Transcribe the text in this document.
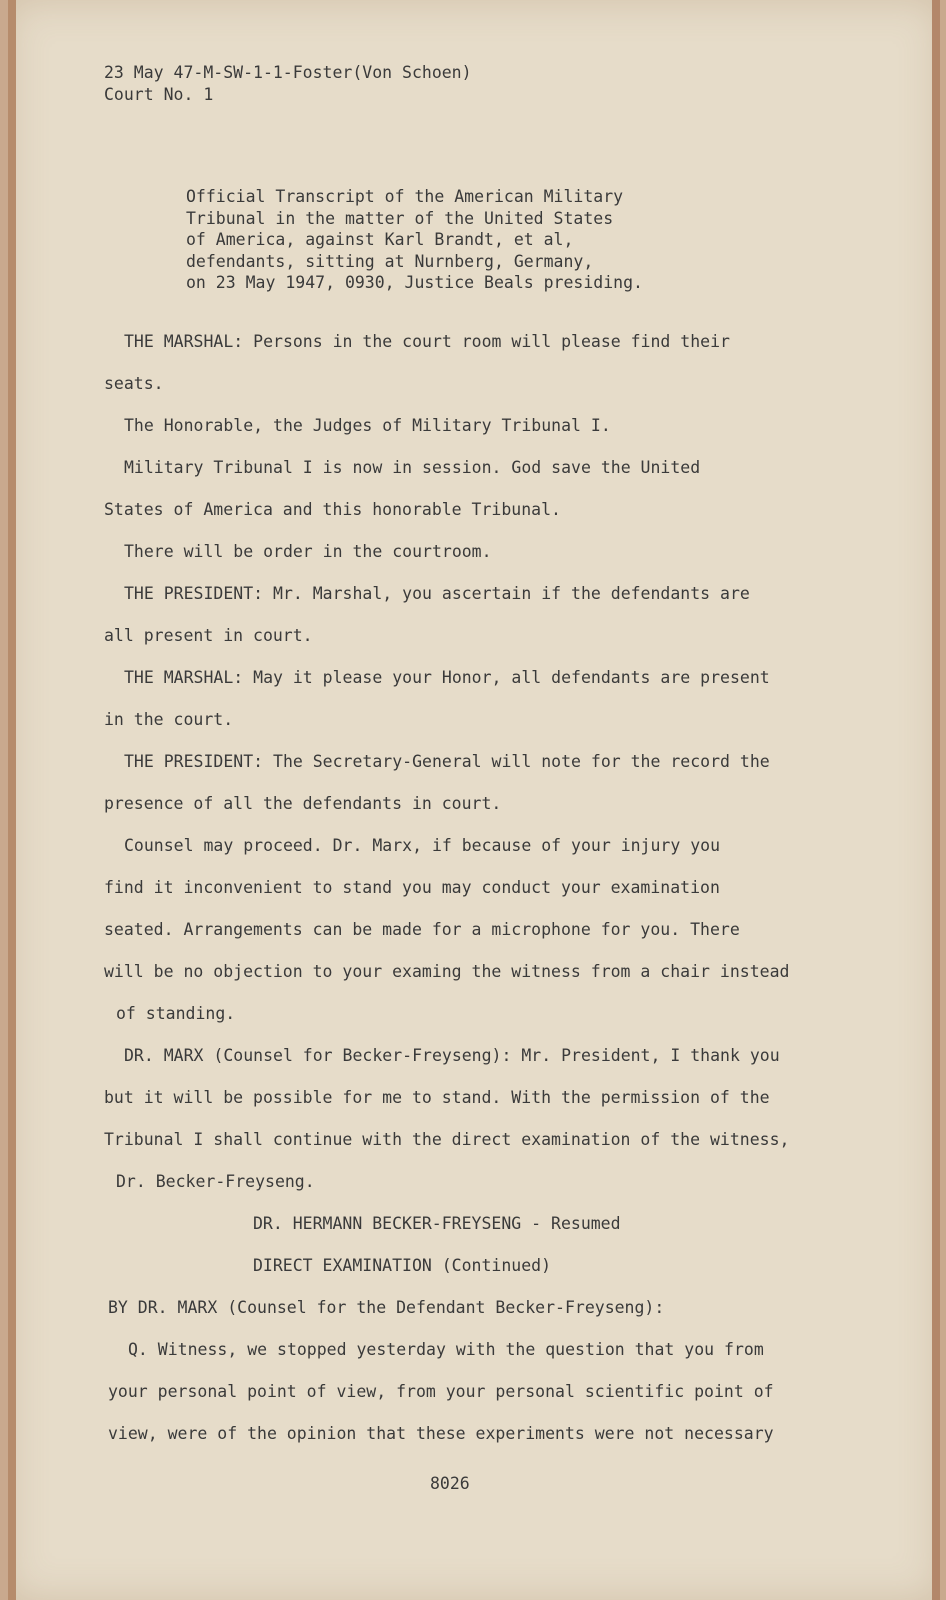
23 May 47-M-SW-1-1-Foster(Von Schoen)
Court No. 1
Official Transcript of the American Military
Tribunal in the matter of the United States
of America, against Karl Brandt, et al,
defendants, sitting at Nurnberg, Germany,
on 23 May 1947, 0930, Justice Beals presiding.
THE MARSHAL: Persons in the court room will please find their
seats.
The Honorable, the Judges of Military Tribunal I.
Military Tribunal I is now in session. God save the United
States of America and this honorable Tribunal.
There will be order in the courtroom.
THE PRESIDENT: Mr. Marshal, you ascertain if the defendants are
all present in court.
THE MARSHAL: May it please your Honor, all defendants are present
in the court.
THE PRESIDENT: The Secretary-General will note for the record the
presence of all the defendants in court.
Counsel may proceed. Dr. Marx, if because of your injury you
find it inconvenient to stand you may conduct your examination
seated. Arrangements can be made for a microphone for you. There
will be no objection to your examing the witness from a chair instead
of standing.
DR. MARX (Counsel for Becker-Freyseng): Mr. President, I thank you
but it will be possible for me to stand. With the permission of the
Tribunal I shall continue with the direct examination of the witness,
Dr. Becker-Freyseng.
DR. HERMANN BECKER-FREYSENG - Resumed
DIRECT EXAMINATION (Continued)
BY DR. MARX (Counsel for the Defendant Becker-Freyseng):
Q. Witness, we stopped yesterday with the question that you from
your personal point of view, from your personal scientific point of
view, were of the opinion that these experiments were not necessary
8026
